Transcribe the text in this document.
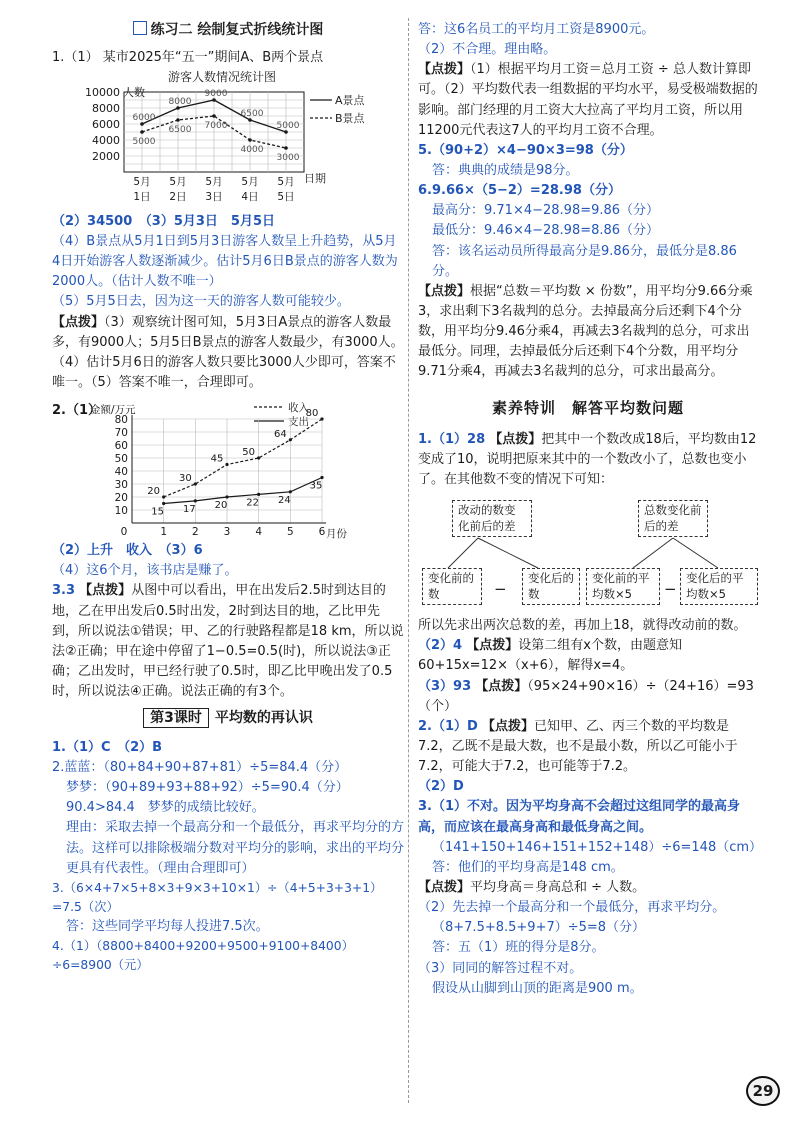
练习二 绘制复式折线统计图

1.（1） 某市2025年“五一”期间A、B两个景点

游客人数情况统计图
人数
日期
A景点
B景点
10000
8000
6000
4000
2000
5月
1日
5月
2日
5月
3日
5月
4日
5月
5日
6000
8000
9000
6500
5000
5000
6500 7000
4000
3000

（2）34500　（3）5月3日　5月5日

（4）B景点从5月1日到5月3日游客人数呈上升趋势，从5月4日开始游客人数逐渐减少。估计5月6日B景点的游客人数为2000人。（估计人数不唯一）

（5）5月5日去，因为这一天的游客人数可能较少。

【点拨】（3）观察统计图可知，5月3日A景点的游客人数最多，有9000人；5月5日B景点的游客人数最少，有3000人。（4）估计5月6日的游客人数只要比3000人少即可，答案不唯一。（5）答案不唯一，合理即可。

2.（1）
金额/万元
月份
收入
支出
80
70
60
50
40
30
20
10
0	1 2 3 4 5 6
20
30
45
50
64
80
15 17 20 22 24
35

（2）上升　收入　（3）6

（4）这6个月，该书店是赚了。

3.3 【点拨】从图中可以看出，甲在出发后2.5时到达目的地，乙在甲出发后0.5时出发，2时到达目的地，乙比甲先到，所以说法①错误；甲、乙的行驶路程都是18 km，所以说法②正确；甲在途中停留了1−0.5=0.5(时)，所以说法③正确；乙出发时，甲已经行驶了0.5时，即乙比甲晚出发了0.5时，所以说法④正确。说法正确的有3个。

第3课时 平均数的再认识

1.（1）C　（2）B

2.蓝蓝：（80+84+90+87+81）÷5=84.4（分）

梦梦：（90+89+93+88+92）÷5=90.4（分）

90.4>84.4　梦梦的成绩比较好。

理由：采取去掉一个最高分和一个最低分，再求平均分的方法。这样可以排除极端分数对平均分的影响，求出的平均分更具有代表性。（理由合理即可）

3.（6×4+7×5+8×3+9×3+10×1）÷（4+5+3+3+1）=7.5（次）

答：这些同学平均每人投进7.5次。

4.（1）（8800+8400+9200+9500+9100+8400）÷6=8900（元）

答：这6名员工的平均月工资是8900元。

（2）不合理。理由略。

【点拨】（1）根据平均月工资＝总月工资 ÷ 总人数计算即可。（2）平均数代表一组数据的平均水平，易受极端数据的影响。部门经理的月工资大大拉高了平均月工资，所以用11200元代表这7人的平均月工资不合理。

5.（90+2）×4−90×3=98（分）

答：典典的成绩是98分。

6.9.66×（5−2）=28.98（分）

最高分：9.71×4−28.98=9.86（分）

最低分：9.46×4−28.98=8.86（分）

答：该名运动员所得最高分是9.86分，最低分是8.86分。

【点拨】根据“总数＝平均数 × 份数”，用平均分9.66分乘3，求出剩下3名裁判的总分。去掉最高分后还剩下4个分数，用平均分9.46分乘4，再减去3名裁判的总分，可求出最低分。同理，去掉最低分后还剩下4个分数，用平均分9.71分乘4，再减去3名裁判的总分，可求出最高分。

素养特训　解答平均数问题

1.（1）28 【点拨】把其中一个数改成18后，平均数由12变成了10，说明把原来其中的一个数改小了，总数也变小了。在其他数不变的情况下可知：

改动的数变化前后的差
总数变化前后的差
变化前的数	−
变化后的数
变化前的平均数×5	−
变化后的平均数×5

所以先求出两次总数的差，再加上18，就得改动前的数。

（2）4 【点拨】设第二组有x个数，由题意知60+15x=12×（x+6），解得x=4。

（3）93 【点拨】（95×24+90×16）÷（24+16）=93（个）

2.（1）D 【点拨】已知甲、乙、丙三个数的平均数是7.2，乙既不是最大数，也不是最小数，所以乙可能小于7.2，可能大于7.2，也可能等于7.2。

（2）D

3.（1）不对。因为平均身高不会超过这组同学的最高身高，而应该在最高身高和最低身高之间。

（141+150+146+151+152+148）÷6=148（cm）

答：他们的平均身高是148 cm。

【点拨】平均身高＝身高总和 ÷ 人数。

（2）先去掉一个最高分和一个最低分，再求平均分。

（8+7.5+8.5+9+7）÷5=8（分）

答：五（1）班的得分是8分。

（3）同同的解答过程不对。

假设从山脚到山顶的距离是900 m。

29
